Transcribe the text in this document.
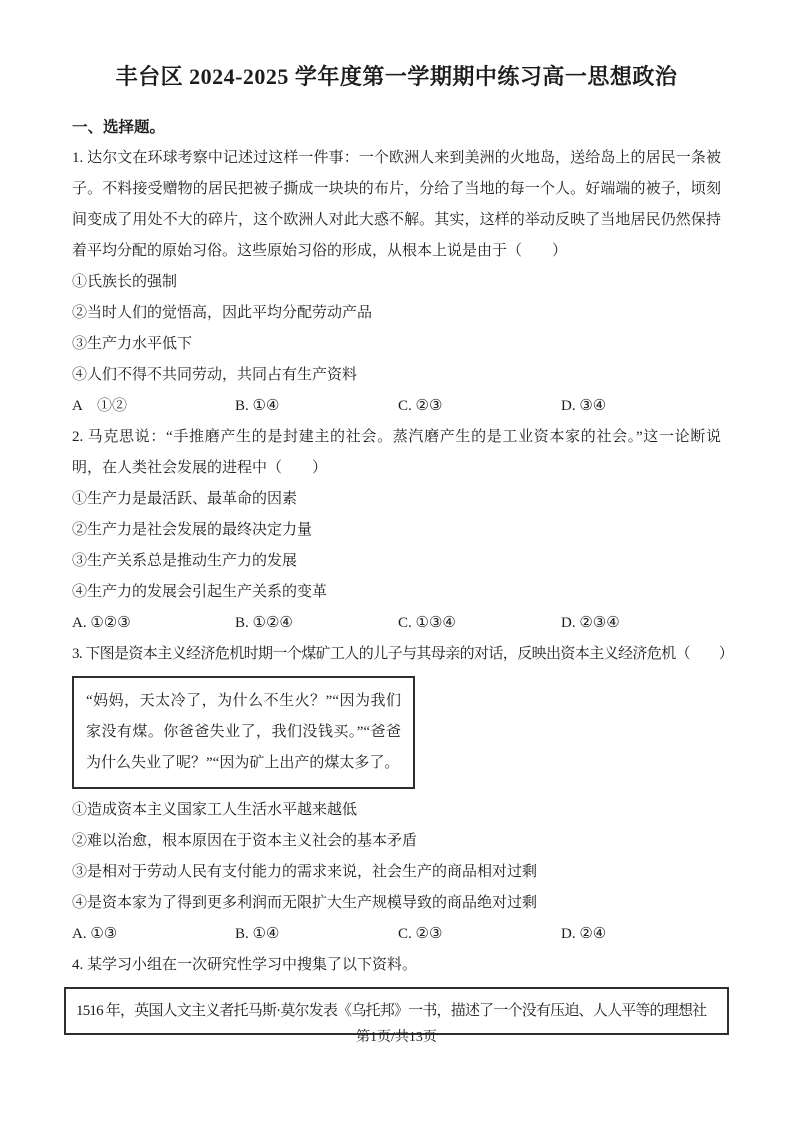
丰台区 2024-2025 学年度第一学期期中练习高一思想政治
一、选择题。

1. 达尔文在环球考察中记述过这样一件事：一个欧洲人来到美洲的火地岛，送给岛上的居民一条被子。不料接受赠物的居民把被子撕成一块块的布片，分给了当地的每一个人。好端端的被子，顷刻间变成了用处不大的碎片，这个欧洲人对此大惑不解。其实，这样的举动反映了当地居民仍然保持着平均分配的原始习俗。这些原始习俗的形成，从根本上说是由于（　　）

①氏族长的强制

②当时人们的觉悟高，因此平均分配劳动产品

③生产力水平低下

④人们不得不共同劳动，共同占有生产资料

A　①②	B. ①④	C. ②③	D. ③④

2. 马克思说：“手推磨产生的是封建主的社会。蒸汽磨产生的是工业资本家的社会。”这一论断说明，在人类社会发展的进程中（　　）

①生产力是最活跃、最革命的因素

②生产力是社会发展的最终决定力量

③生产关系总是推动生产力的发展

④生产力的发展会引起生产关系的变革

A. ①②③	B. ①②④	C. ①③④	D. ②③④

3. 下图是资本主义经济危机时期一个煤矿工人的儿子与其母亲的对话，反映出资本主义经济危机（　　）

“妈妈，天太冷了，为什么不生火？”“因为我们家没有煤。你爸爸失业了，我们没钱买。”“爸爸为什么失业了呢？”“因为矿上出产的煤太多了。

①造成资本主义国家工人生活水平越来越低

②难以治愈，根本原因在于资本主义社会的基本矛盾

③是相对于劳动人民有支付能力的需求来说，社会生产的商品相对过剩

④是资本家为了得到更多利润而无限扩大生产规模导致的商品绝对过剩

A. ①③	B. ①④	C. ②③	D. ②④

4. 某学习小组在一次研究性学习中搜集了以下资料。

1516 年，英国人文主义者托马斯·莫尔发表《乌托邦》一书，描述了一个没有压迫、人人平等的理想社
第1页/共13页
